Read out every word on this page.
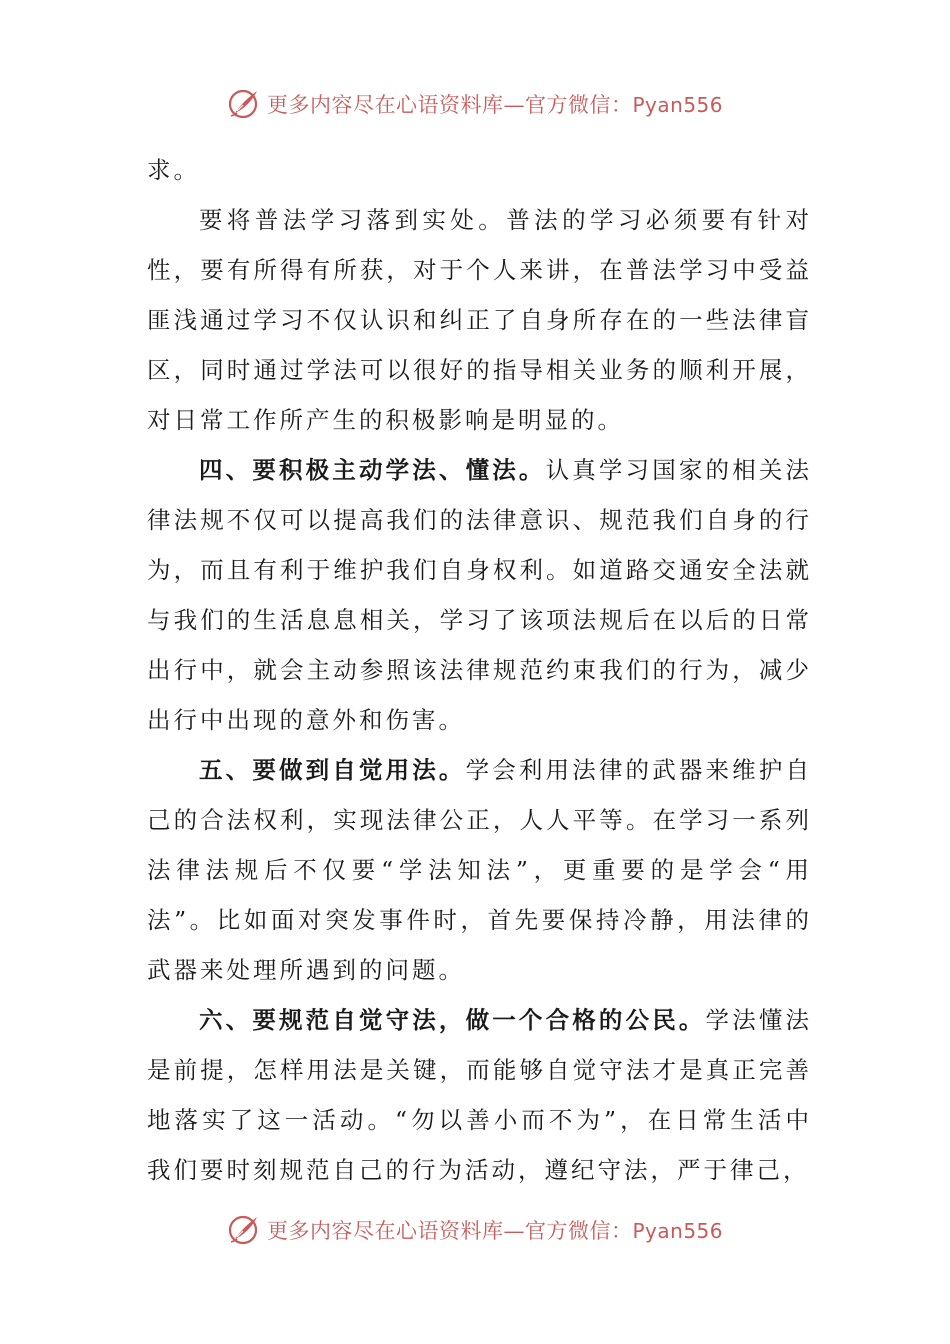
更多内容尽在心语资料库—官方微信：Pyan556

求。

要将普法学习落到实处。普法的学习必须要有针对性，要有所得有所获，对于个人来讲，在普法学习中受益匪浅通过学习不仅认识和纠正了自身所存在的一些法律盲区，同时通过学法可以很好的指导相关业务的顺利开展，对日常工作所产生的积极影响是明显的。

四、要积极主动学法、懂法。认真学习国家的相关法律法规不仅可以提高我们的法律意识、规范我们自身的行为，而且有利于维护我们自身权利。如道路交通安全法就与我们的生活息息相关，学习了该项法规后在以后的日常出行中，就会主动参照该法律规范约束我们的行为，减少出行中出现的意外和伤害。

五、要做到自觉用法。学会利用法律的武器来维护自己的合法权利，实现法律公正，人人平等。在学习一系列法律法规后不仅要“学法知法”，更重要的是学会“用法”。比如面对突发事件时，首先要保持冷静，用法律的武器来处理所遇到的问题。

六、要规范自觉守法，做一个合格的公民。学法懂法是前提，怎样用法是关键，而能够自觉守法才是真正完善地落实了这一活动。“勿以善小而不为”，在日常生活中我们要时刻规范自己的行为活动，遵纪守法，严于律己，

更多内容尽在心语资料库—官方微信：Pyan556
